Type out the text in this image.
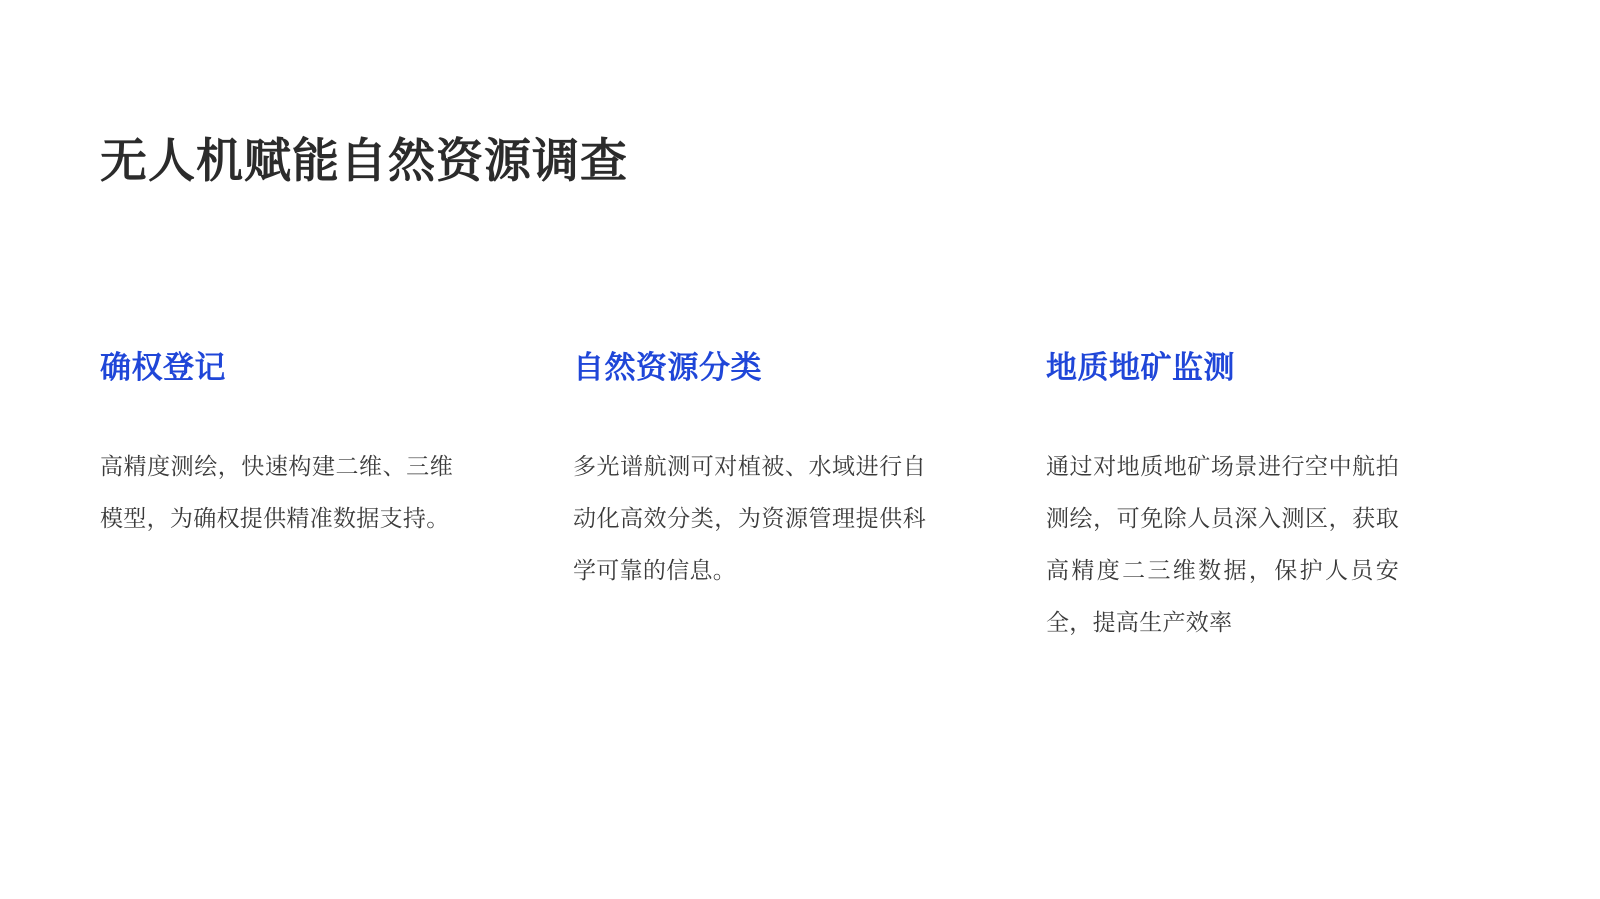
无人机赋能自然资源调查
确权登记

高精度测绘，快速构建二维、三维模型，为确权提供精准数据支持。

自然资源分类

多光谱航测可对植被、水域进行自动化高效分类，为资源管理提供科学可靠的信息。

地质地矿监测

通过对地质地矿场景进行空中航拍测绘，可免除人员深入测区，获取高精度二三维数据，保护人员安全，提高生产效率
